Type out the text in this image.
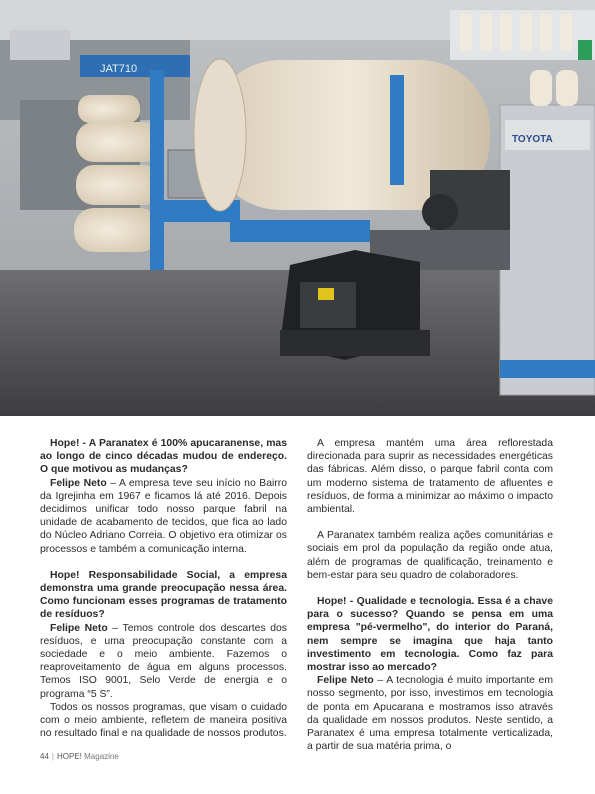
JAT710
TOYOTA

Hope! - A Paranatex é 100% apucaranense, mas ao longo de cinco décadas mudou de endereço. O que motivou as mudanças?

Felipe Neto – A empresa teve seu início no Bairro da Igrejinha em 1967 e ficamos lá até 2016. Depois decidimos unificar todo nosso parque fabril na unidade de acabamento de tecidos, que fica ao lado do Núcleo Adriano Correia. O objetivo era otimizar os processos e também a comunicação interna.

Hope! Responsabilidade Social, a empresa demonstra uma grande preocupação nessa área. Como funcionam esses programas de tratamento de resíduos?

Felipe Neto – Temos controle dos descartes dos resíduos, e uma preocupação constante com a sociedade e o meio ambiente. Fazemos o reaproveitamento de água em alguns processos. Temos ISO 9001, Selo Verde de energia e o programa “5 S”.

Todos os nossos programas, que visam o cuidado com o meio ambiente, refletem de maneira positiva no resultado final e na qualidade de nossos produtos.

A empresa mantém uma área reflorestada direcionada para suprir as necessidades energéticas das fábricas. Além disso, o parque fabril conta com um moderno sistema de tratamento de afluentes e resíduos, de forma a minimizar ao máximo o impacto ambiental.

A Paranatex também realiza ações comunitárias e sociais em prol da população da região onde atua, além de programas de qualificação, treinamento e bem-estar para seu quadro de colaboradores.

Hope! - Qualidade e tecnologia. Essa é a chave para o sucesso? Quando se pensa em uma empresa "pé-vermelho", do interior do Paraná, nem sempre se imagina que haja tanto investimento em tecnologia. Como faz para mostrar isso ao mercado?

Felipe Neto – A tecnologia é muito importante em nosso segmento, por isso, investimos em tecnologia de ponta em Apucarana e mostramos isso através da qualidade em nossos produtos. Neste sentido, a Paranatex é uma empresa totalmente verticalizada, a partir de sua matéria prima, o

44 | HOPE! Magazine
